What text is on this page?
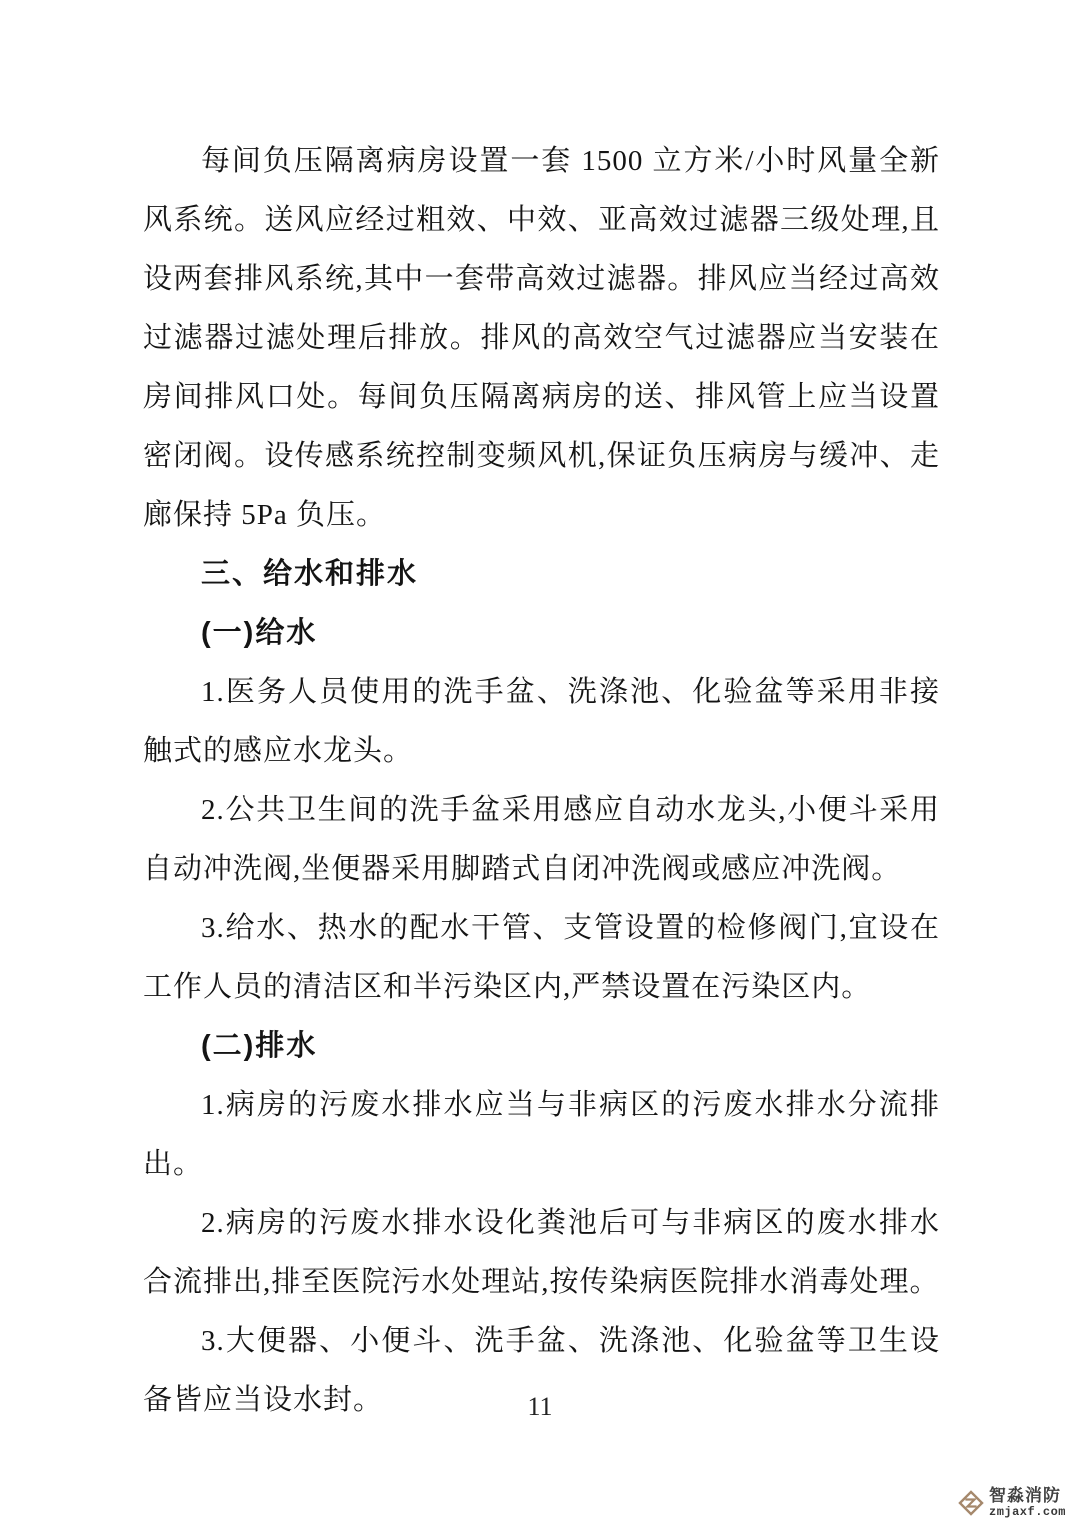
每间负压隔离病房设置一套 1500 立方米/小时风量全新风系统。送风应经过粗效、中效、亚高效过滤器三级处理,且设两套排风系统,其中一套带高效过滤器。排风应当经过高效过滤器过滤处理后排放。排风的高效空气过滤器应当安装在房间排风口处。每间负压隔离病房的送、排风管上应当设置密闭阀。设传感系统控制变频风机,保证负压病房与缓冲、走廊保持 5Pa 负压。

三、给水和排水

(一)给水

1.医务人员使用的洗手盆、洗涤池、化验盆等采用非接触式的感应水龙头。

2.公共卫生间的洗手盆采用感应自动水龙头,小便斗采用自动冲洗阀,坐便器采用脚踏式自闭冲洗阀或感应冲洗阀。

3.给水、热水的配水干管、支管设置的检修阀门,宜设在工作人员的清洁区和半污染区内,严禁设置在污染区内。

(二)排水

1.病房的污废水排水应当与非病区的污废水排水分流排出。

2.病房的污废水排水设化粪池后可与非病区的废水排水合流排出,排至医院污水处理站,按传染病医院排水消毒处理。

3.大便器、小便斗、洗手盆、洗涤池、化验盆等卫生设备皆应当设水封。	11
智淼消防
zmjaxf.com
